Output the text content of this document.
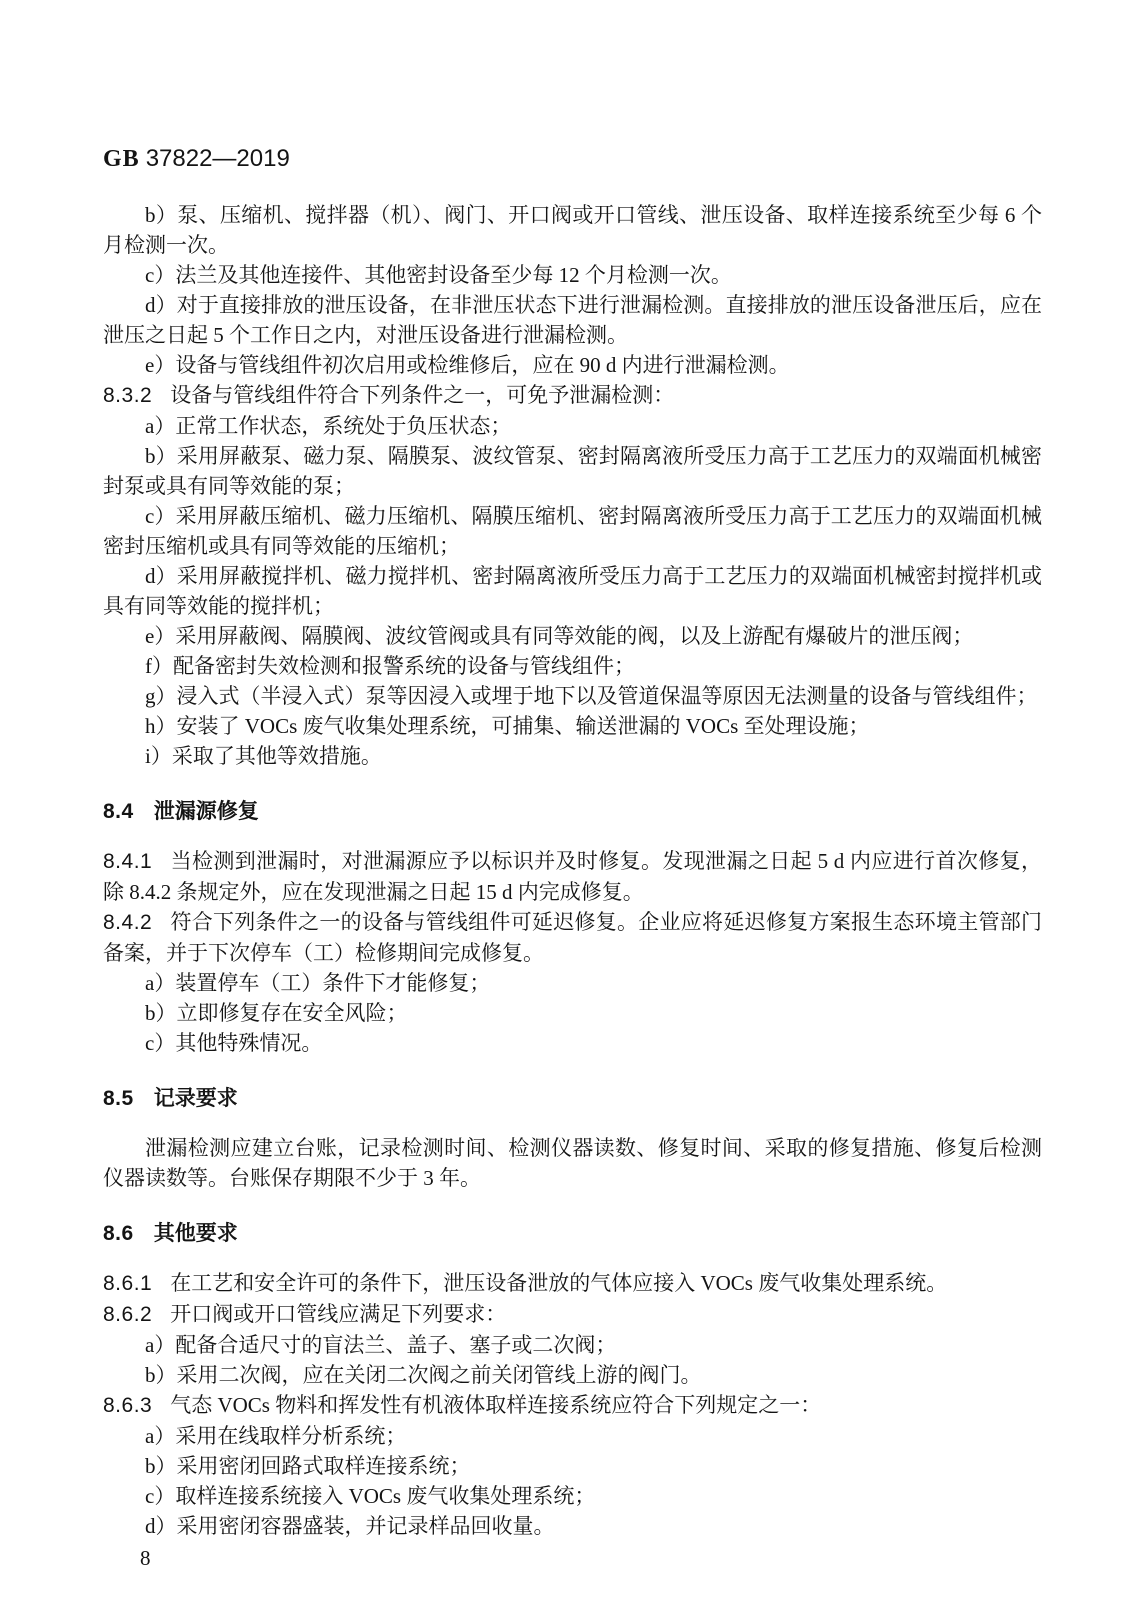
GB 37822—2019

b）泵、压缩机、搅拌器（机）、阀门、开口阀或开口管线、泄压设备、取样连接系统至少每 6 个月检测一次。

c）法兰及其他连接件、其他密封设备至少每 12 个月检测一次。

d）对于直接排放的泄压设备，在非泄压状态下进行泄漏检测。直接排放的泄压设备泄压后，应在泄压之日起 5 个工作日之内，对泄压设备进行泄漏检测。

e）设备与管线组件初次启用或检维修后，应在 90 d 内进行泄漏检测。

8.3.2 设备与管线组件符合下列条件之一，可免予泄漏检测：

a）正常工作状态，系统处于负压状态；

b）采用屏蔽泵、磁力泵、隔膜泵、波纹管泵、密封隔离液所受压力高于工艺压力的双端面机械密封泵或具有同等效能的泵；

c）采用屏蔽压缩机、磁力压缩机、隔膜压缩机、密封隔离液所受压力高于工艺压力的双端面机械密封压缩机或具有同等效能的压缩机；

d）采用屏蔽搅拌机、磁力搅拌机、密封隔离液所受压力高于工艺压力的双端面机械密封搅拌机或具有同等效能的搅拌机；

e）采用屏蔽阀、隔膜阀、波纹管阀或具有同等效能的阀，以及上游配有爆破片的泄压阀；

f）配备密封失效检测和报警系统的设备与管线组件；

g）浸入式（半浸入式）泵等因浸入或埋于地下以及管道保温等原因无法测量的设备与管线组件；

h）安装了 VOCs 废气收集处理系统，可捕集、输送泄漏的 VOCs 至处理设施；

i）采取了其他等效措施。

8.4 泄漏源修复

8.4.1 当检测到泄漏时，对泄漏源应予以标识并及时修复。发现泄漏之日起 5 d 内应进行首次修复，除 8.4.2 条规定外，应在发现泄漏之日起 15 d 内完成修复。

8.4.2 符合下列条件之一的设备与管线组件可延迟修复。企业应将延迟修复方案报生态环境主管部门备案，并于下次停车（工）检修期间完成修复。

a）装置停车（工）条件下才能修复；

b）立即修复存在安全风险；

c）其他特殊情况。

8.5 记录要求

泄漏检测应建立台账，记录检测时间、检测仪器读数、修复时间、采取的修复措施、修复后检测仪器读数等。台账保存期限不少于 3 年。

8.6 其他要求

8.6.1 在工艺和安全许可的条件下，泄压设备泄放的气体应接入 VOCs 废气收集处理系统。

8.6.2 开口阀或开口管线应满足下列要求：

a）配备合适尺寸的盲法兰、盖子、塞子或二次阀；

b）采用二次阀，应在关闭二次阀之前关闭管线上游的阀门。

8.6.3 气态 VOCs 物料和挥发性有机液体取样连接系统应符合下列规定之一：

a）采用在线取样分析系统；

b）采用密闭回路式取样连接系统；

c）取样连接系统接入 VOCs 废气收集处理系统；

d）采用密闭容器盛装，并记录样品回收量。

8
